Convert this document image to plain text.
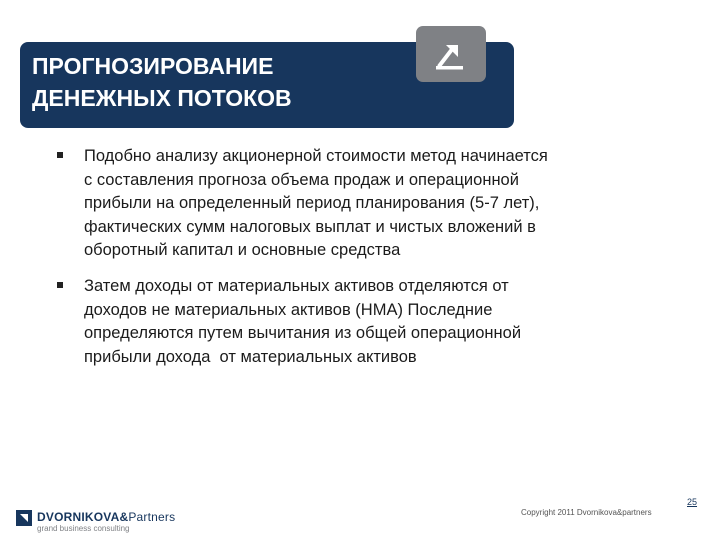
ПРОГНОЗИРОВАНИЕ
ДЕНЕЖНЫХ ПОТОКОВ

Подобно анализу акционерной стоимости метод начинается
с составления прогноза объема продаж и операционной
прибыли на определенный период планирования (5-7 лет),
фактических сумм налоговых выплат и чистых вложений в
оборотный капитал и основные средства

Затем доходы от материальных активов отделяются от
доходов не материальных активов (НМА) Последние
определяются путем вычитания из общей операционной
прибыли дохода  от материальных активов

DVORNIKOVA&Partners
grand business consulting
Copyright 2011 Dvornikova&partners
25
